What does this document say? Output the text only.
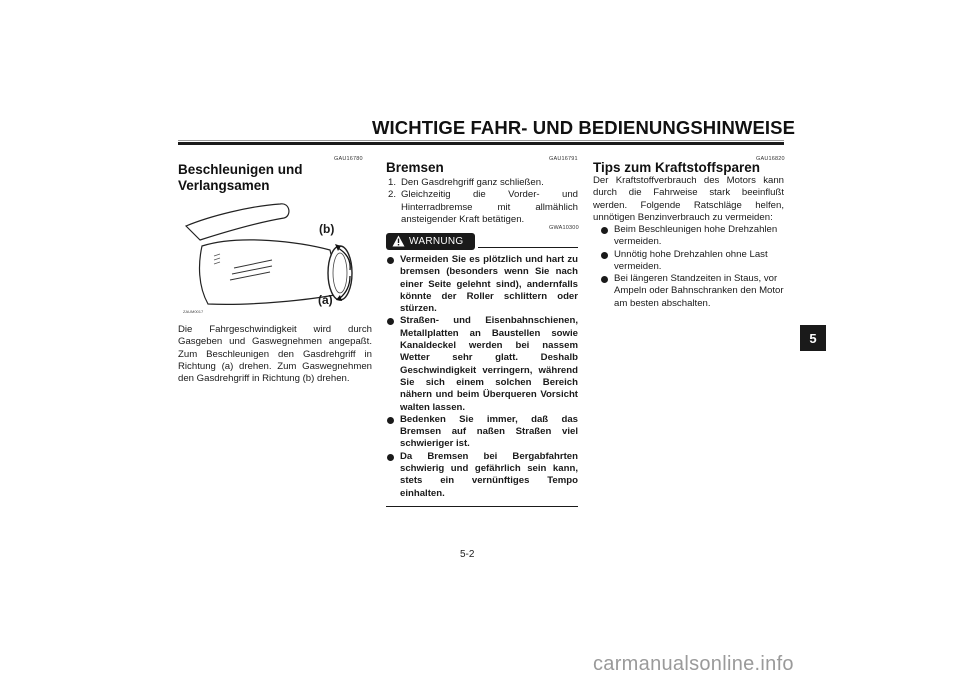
WICHTIGE FAHR- UND BEDIENUNGSHINWEISE
GAU16780
Beschleunigen und
Verlangsamen
(b)
(a)
ZAUM0017
Die Fahrgeschwindigkeit wird durch Gasgeben und Gaswegnehmen angepaßt. Zum Beschleunigen den Gasdrehgriff in Richtung (a) drehen. Zum Gaswegnehmen den Gasdrehgriff in Richtung (b) drehen.
GAU16791
Bremsen
1. Den Gasdrehgriff ganz schließen.
2. Gleichzeitig die Vorder- und Hinterradbremse mit allmählich ansteigender Kraft betätigen.
GWA10300
WARNUNG
Vermeiden Sie es plötzlich und hart zu bremsen (besonders wenn Sie nach einer Seite gelehnt sind), andernfalls könnte der Roller schlittern oder stürzen.
Straßen- und Eisenbahnschienen, Metallplatten an Baustellen sowie Kanaldeckel werden bei nassem Wetter sehr glatt. Deshalb Geschwindigkeit verringern, während Sie sich einem solchen Bereich nähern und beim Überqueren Vorsicht walten lassen.
Bedenken Sie immer, daß das Bremsen auf naßen Straßen viel schwieriger ist.
Da Bremsen bei Bergabfahrten schwierig und gefährlich sein kann, stets ein vernünftiges Tempo einhalten.
GAU16820
Tips zum Kraftstoffsparen
Der Kraftstoffverbrauch des Motors kann durch die Fahrweise stark beeinflußt werden. Folgende Ratschläge helfen, unnötigen Benzinverbrauch zu vermeiden:
Beim Beschleunigen hohe Drehzahlen vermeiden.
Unnötig hohe Drehzahlen ohne Last vermeiden.
Bei längeren Standzeiten in Staus, vor Ampeln oder Bahnschranken den Motor am besten abschalten.
5
5-2
carmanualsonline.info
